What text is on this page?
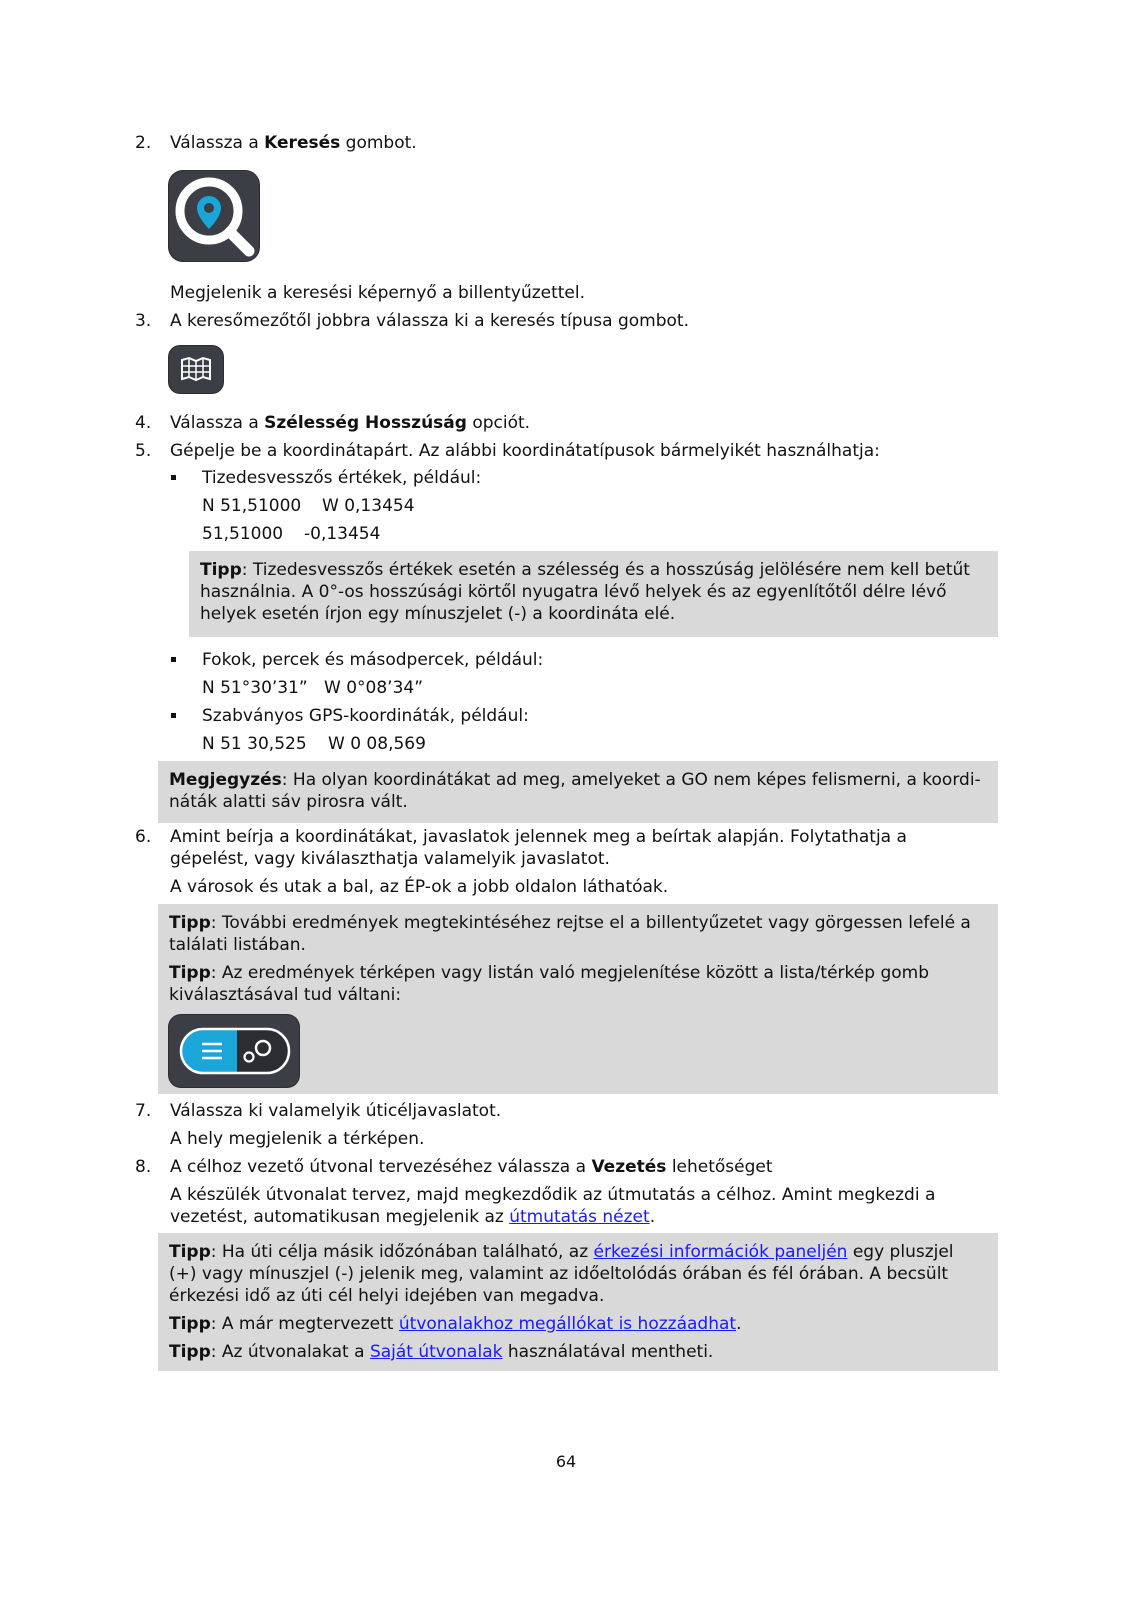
2. Válassza a Keresés gombot.
Megjelenik a keresési képernyő a billentyűzettel.
3. A keresőmezőtől jobbra válassza ki a keresés típusa gombot.
4. Válassza a Szélesség Hosszúság opciót.
5. Gépelje be a koordinátapárt. Az alábbi koordinátatípusok bármelyikét használhatja:
Tizedesvesszős értékek, például:
N 51,51000 W 0,13454
51,51000 -0,13454
Tipp: Tizedesvesszős értékek esetén a szélesség és a hosszúság jelölésére nem kell betűt
használnia. A 0°-os hosszúsági körtől nyugatra lévő helyek és az egyenlítőtől délre lévő
helyek esetén írjon egy mínuszjelet (-) a koordináta elé.
Fokok, percek és másodpercek, például:
N 51°30’31” W 0°08’34”
Szabványos GPS-koordináták, például:
N 51 30,525 W 0 08,569
Megjegyzés: Ha olyan koordinátákat ad meg, amelyeket a GO nem képes felismerni, a koordi-
náták alatti sáv pirosra vált.
6. Amint beírja a koordinátákat, javaslatok jelennek meg a beírtak alapján. Folytathatja a
gépelést, vagy kiválaszthatja valamelyik javaslatot.
A városok és utak a bal, az ÉP-ok a jobb oldalon láthatóak.
Tipp: További eredmények megtekintéséhez rejtse el a billentyűzetet vagy görgessen lefelé a
találati listában.
Tipp: Az eredmények térképen vagy listán való megjelenítése között a lista/térkép gomb
kiválasztásával tud váltani:
7. Válassza ki valamelyik úticéljavaslatot.
A hely megjelenik a térképen.
8. A célhoz vezető útvonal tervezéséhez válassza a Vezetés lehetőséget
A készülék útvonalat tervez, majd megkezdődik az útmutatás a célhoz. Amint megkezdi a
vezetést, automatikusan megjelenik az útmutatás nézet.
Tipp: Ha úti célja másik időzónában található, az érkezési információk paneljén egy pluszjel
(+) vagy mínuszjel (-) jelenik meg, valamint az időeltolódás órában és fél órában. A becsült
érkezési idő az úti cél helyi idejében van megadva.
Tipp: A már megtervezett útvonalakhoz megállókat is hozzáadhat.
Tipp: Az útvonalakat a Saját útvonalak használatával mentheti.
64
